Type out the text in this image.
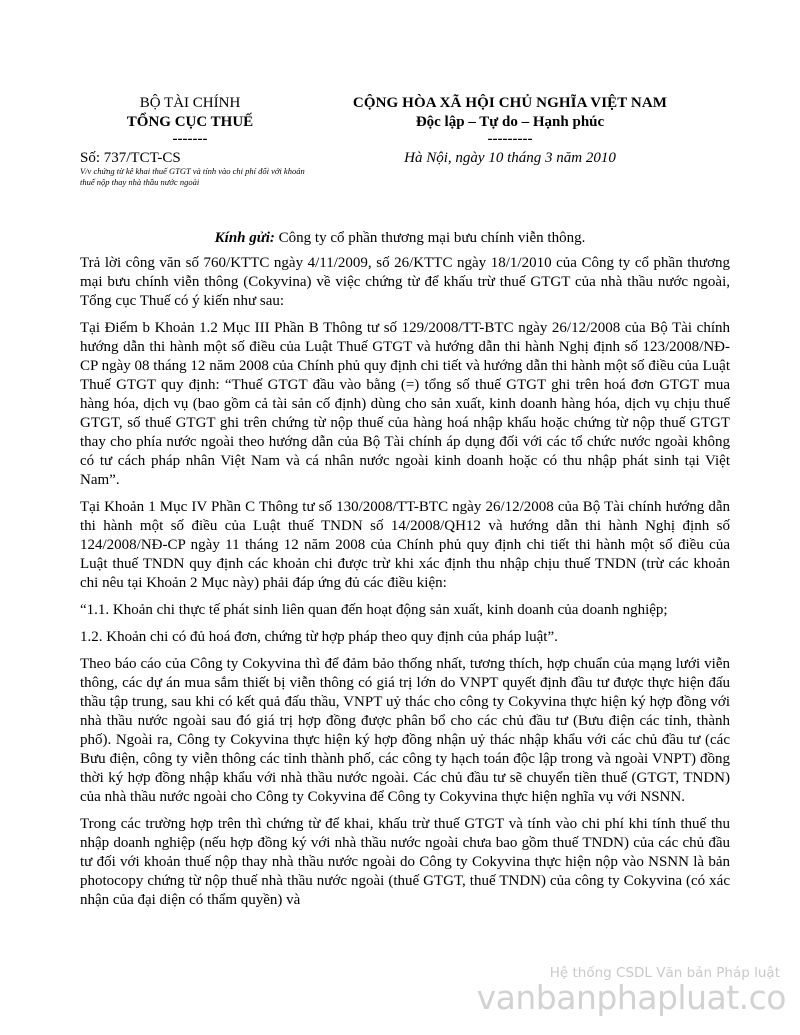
BỘ TÀI CHÍNH
TỔNG CỤC THUẾ
-------
CỘNG HÒA XÃ HỘI CHỦ NGHĨA VIỆT NAM
Độc lập – Tự do – Hạnh phúc
---------
Số: 737/TCT-CS
V/v chứng từ kê khai thuế GTGT và tính vào chi phí đối với khoản thuế nộp thay nhà thầu nước ngoài
Hà Nội, ngày 10 tháng 3 năm 2010
Kính gửi: Công ty cổ phần thương mại bưu chính viễn thông.

Trả lời công văn số 760/KTTC ngày 4/11/2009, số 26/KTTC ngày 18/1/2010 của Công ty cổ phần thương mại bưu chính viễn thông (Cokyvina) về việc chứng từ để khấu trừ thuế GTGT của nhà thầu nước ngoài, Tổng cục Thuế có ý kiến như sau:

Tại Điểm b Khoản 1.2 Mục III Phần B Thông tư số 129/2008/TT-BTC ngày 26/12/2008 của Bộ Tài chính hướng dẫn thi hành một số điều của Luật Thuế GTGT và hướng dẫn thi hành Nghị định số 123/2008/NĐ-CP ngày 08 tháng 12 năm 2008 của Chính phủ quy định chi tiết và hướng dẫn thi hành một số điều của Luật Thuế GTGT quy định: “Thuế GTGT đầu vào bằng (=) tổng số thuế GTGT ghi trên hoá đơn GTGT mua hàng hóa, dịch vụ (bao gồm cả tài sản cố định) dùng cho sản xuất, kinh doanh hàng hóa, dịch vụ chịu thuế GTGT, số thuế GTGT ghi trên chứng từ nộp thuế của hàng hoá nhập khẩu hoặc chứng từ nộp thuế GTGT thay cho phía nước ngoài theo hướng dẫn của Bộ Tài chính áp dụng đối với các tổ chức nước ngoài không có tư cách pháp nhân Việt Nam và cá nhân nước ngoài kinh doanh hoặc có thu nhập phát sinh tại Việt Nam”.

Tại Khoản 1 Mục IV Phần C Thông tư số 130/2008/TT-BTC ngày 26/12/2008 của Bộ Tài chính hướng dẫn thi hành một số điều của Luật thuế TNDN số 14/2008/QH12 và hướng dẫn thi hành Nghị định số 124/2008/NĐ-CP ngày 11 tháng 12 năm 2008 của Chính phủ quy định chi tiết thi hành một số điều của Luật thuế TNDN quy định các khoản chi được trừ khi xác định thu nhập chịu thuế TNDN (trừ các khoản chi nêu tại Khoản 2 Mục này) phải đáp ứng đủ các điều kiện:

“1.1. Khoản chi thực tế phát sinh liên quan đến hoạt động sản xuất, kinh doanh của doanh nghiệp;

1.2. Khoản chi có đủ hoá đơn, chứng từ hợp pháp theo quy định của pháp luật”.

Theo báo cáo của Công ty Cokyvina thì để đảm bảo thống nhất, tương thích, hợp chuẩn của mạng lưới viễn thông, các dự án mua sắm thiết bị viễn thông có giá trị lớn do VNPT quyết định đầu tư được thực hiện đấu thầu tập trung, sau khi có kết quả đấu thầu, VNPT uỷ thác cho công ty Cokyvina thực hiện ký hợp đồng với nhà thầu nước ngoài sau đó giá trị hợp đồng được phân bổ cho các chủ đầu tư (Bưu điện các tỉnh, thành phố). Ngoài ra, Công ty Cokyvina thực hiện ký hợp đồng nhận uỷ thác nhập khẩu với các chủ đầu tư (các Bưu điện, công ty viễn thông các tỉnh thành phố, các công ty hạch toán độc lập trong và ngoài VNPT) đồng thời ký hợp đồng nhập khẩu với nhà thầu nước ngoài. Các chủ đầu tư sẽ chuyển tiền thuế (GTGT, TNDN) của nhà thầu nước ngoài cho Công ty Cokyvina để Công ty Cokyvina thực hiện nghĩa vụ với NSNN.

Trong các trường hợp trên thì chứng từ để khai, khấu trừ thuế GTGT và tính vào chi phí khi tính thuế thu nhập doanh nghiệp (nếu hợp đồng ký với nhà thầu nước ngoài chưa bao gồm thuế TNDN) của các chủ đầu tư đối với khoản thuế nộp thay nhà thầu nước ngoài do Công ty Cokyvina thực hiện nộp vào NSNN là bản photocopy chứng từ nộp thuế nhà thầu nước ngoài (thuế GTGT, thuế TNDN) của công ty Cokyvina (có xác nhận của đại diện có thẩm quyền) và

Hệ thống CSDL Văn bản Pháp luật
vanbanphapluat.co
